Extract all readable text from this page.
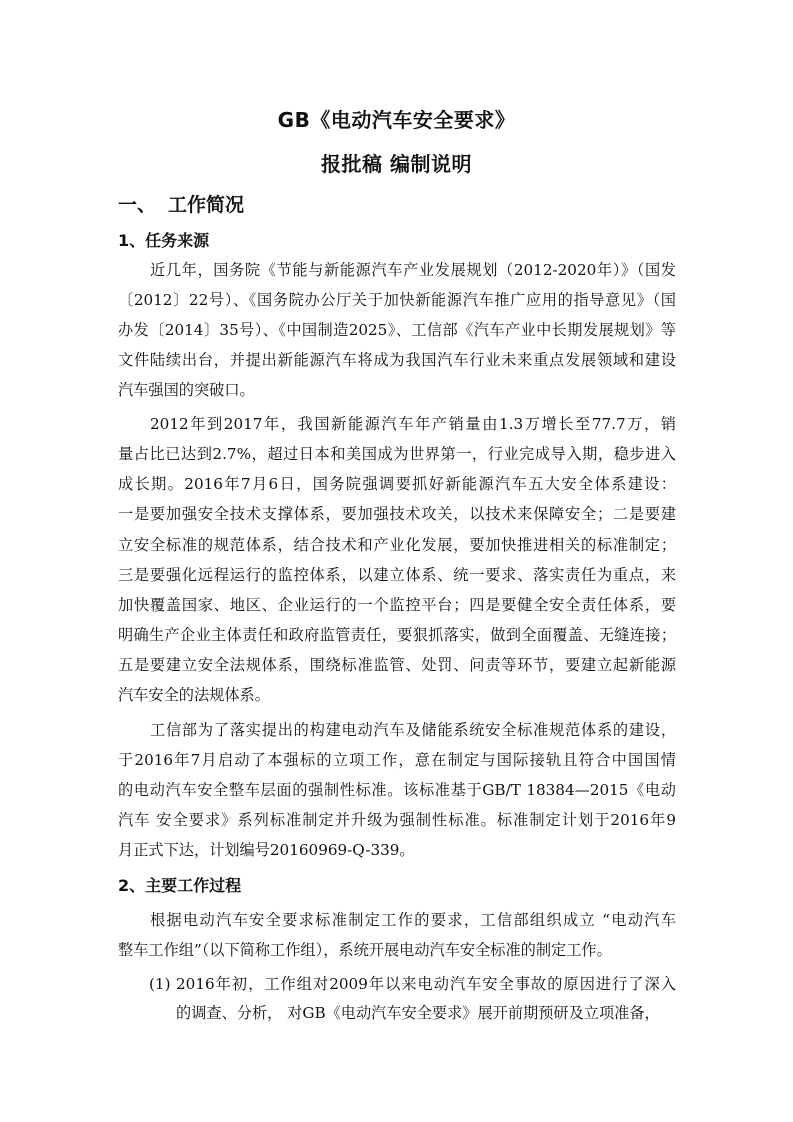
GB《电动汽车安全要求》
报批稿 编制说明
一、 工作简况
1、任务来源
近几年，国务院《节能与新能源汽车产业发展规划（2012-2020年）》（国发
〔2012〕22号）、《国务院办公厅关于加快新能源汽车推广应用的指导意见》（国
办发〔2014〕35号）、《中国制造2025》、工信部《汽车产业中长期发展规划》等
文件陆续出台，并提出新能源汽车将成为我国汽车行业未来重点发展领域和建设
汽车强国的突破口。
2012年到2017年，我国新能源汽车年产销量由1.3万增长至77.7万，销
量占比已达到2.7%，超过日本和美国成为世界第一，行业完成导入期，稳步进入
成长期。2016年7月6日，国务院强调要抓好新能源汽车五大安全体系建设：
一是要加强安全技术支撑体系，要加强技术攻关，以技术来保障安全；二是要建
立安全标准的规范体系，结合技术和产业化发展，要加快推进相关的标准制定；
三是要强化远程运行的监控体系，以建立体系、统一要求、落实责任为重点，来
加快覆盖国家、地区、企业运行的一个监控平台；四是要健全安全责任体系，要
明确生产企业主体责任和政府监管责任，要狠抓落实，做到全面覆盖、无缝连接；
五是要建立安全法规体系，围绕标准监管、处罚、问责等环节，要建立起新能源
汽车安全的法规体系。
工信部为了落实提出的构建电动汽车及储能系统安全标准规范体系的建设，
于2016年7月启动了本强标的立项工作，意在制定与国际接轨且符合中国国情
的电动汽车安全整车层面的强制性标准。该标准基于GB/T 18384—2015《电动
汽车 安全要求》系列标准制定并升级为强制性标准。标准制定计划于2016年9
月正式下达，计划编号20160969-Q-339。
2、主要工作过程
根据电动汽车安全要求标准制定工作的要求，工信部组织成立 “电动汽车
整车工作组”（以下简称工作组），系统开展电动汽车安全标准的制定工作。
(1) 2016年初，工作组对2009年以来电动汽车安全事故的原因进行了深入
的调查、分析， 对GB《电动汽车安全要求》展开前期预研及立项准备，
